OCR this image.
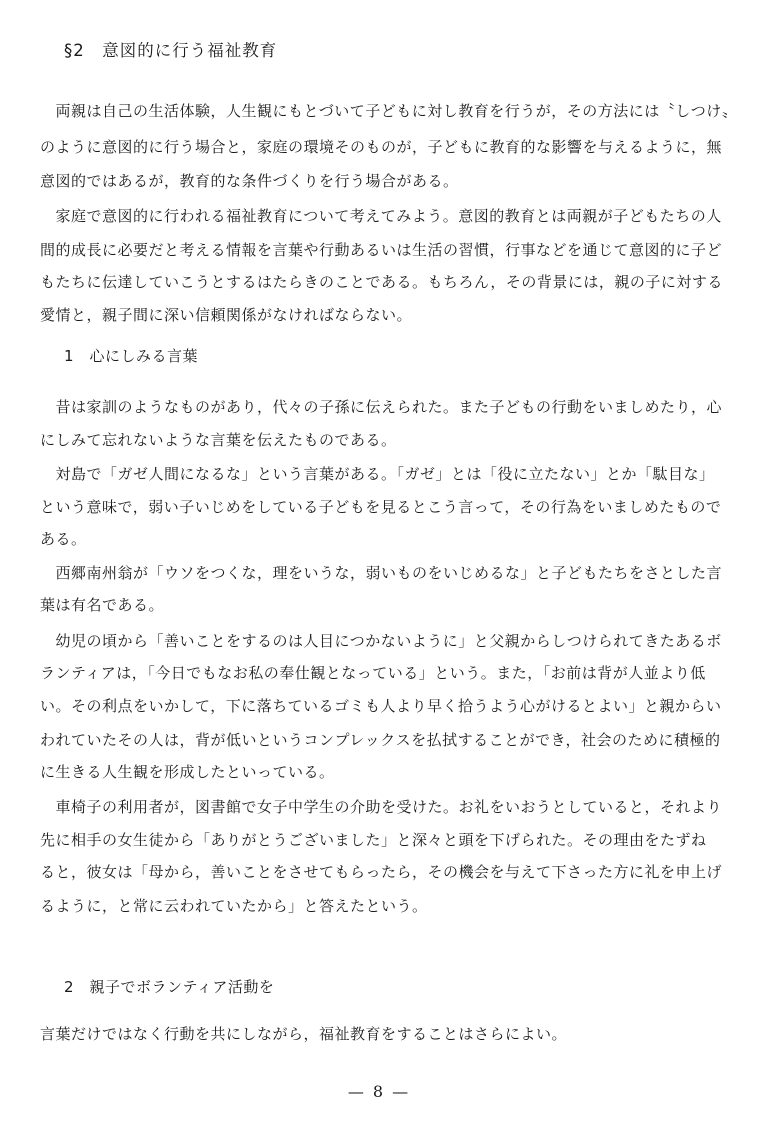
§2　意図的に行う福祉教育
　両親は自己の生活体験，人生観にもとづいて子どもに対し教育を行うが，その方法には〝しつけ〟
のように意図的に行う場合と，家庭の環境そのものが，子どもに教育的な影響を与えるように，無
意図的ではあるが，教育的な条件づくりを行う場合がある。
　家庭で意図的に行われる福祉教育について考えてみよう。意図的教育とは両親が子どもたちの人
間的成長に必要だと考える情報を言葉や行動あるいは生活の習慣，行事などを通じて意図的に子ど
もたちに伝達していこうとするはたらきのことである。もちろん，その背景には，親の子に対する
愛情と，親子間に深い信頼関係がなければならない。
1　心にしみる言葉
　昔は家訓のようなものがあり，代々の子孫に伝えられた。また子どもの行動をいましめたり，心
にしみて忘れないような言葉を伝えたものである。
　対島で「ガゼ人間になるな」という言葉がある。「ガゼ」とは「役に立たない」とか「駄目な」
という意味で，弱い子いじめをしている子どもを見るとこう言って，その行為をいましめたもので
ある。
　西郷南州翁が「ウソをつくな，理をいうな，弱いものをいじめるな」と子どもたちをさとした言
葉は有名である。
　幼児の頃から「善いことをするのは人目につかないように」と父親からしつけられてきたあるボ
ランティアは，「今日でもなお私の奉仕観となっている」という。また，「お前は背が人並より低
い。その利点をいかして，下に落ちているゴミも人より早く拾うよう心がけるとよい」と親からい
われていたその人は，背が低いというコンプレックスを払拭することができ，社会のために積極的
に生きる人生観を形成したといっている。
　車椅子の利用者が，図書館で女子中学生の介助を受けた。お礼をいおうとしていると，それより
先に相手の女生徒から「ありがとうございました」と深々と頭を下げられた。その理由をたずね
ると，彼女は「母から，善いことをさせてもらったら，その機会を与えて下さった方に礼を申上げ
るように，と常に云われていたから」と答えたという。
2　親子でボランティア活動を
言葉だけではなく行動を共にしながら，福祉教育をすることはさらによい。
— 8 —
